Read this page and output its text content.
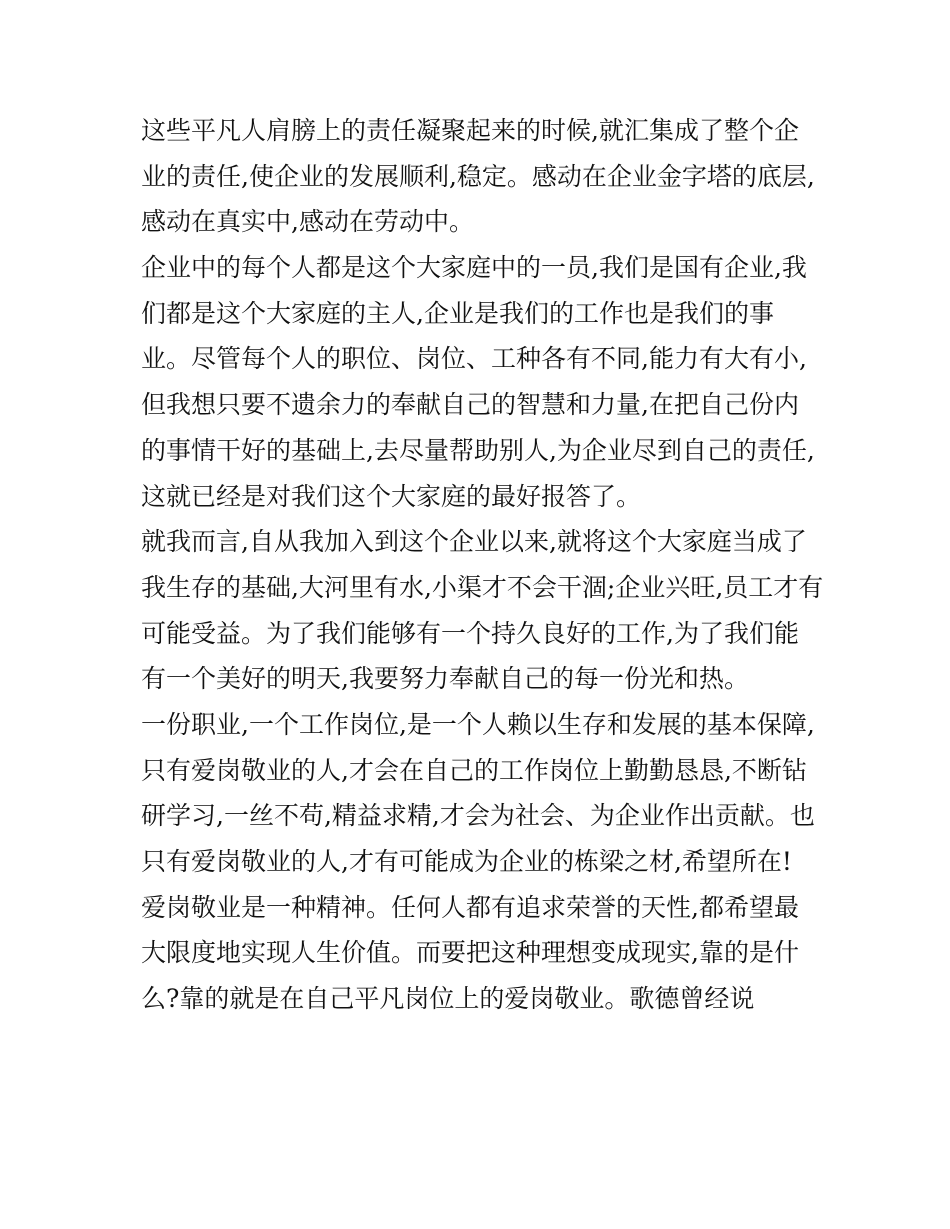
这些平凡人肩膀上的责任凝聚起来的时候,就汇集成了整个企
业的责任,使企业的发展顺利,稳定。感动在企业金字塔的底层,
感动在真实中,感动在劳动中。
企业中的每个人都是这个大家庭中的一员,我们是国有企业,我
们都是这个大家庭的主人,企业是我们的工作也是我们的事
业。尽管每个人的职位、岗位、工种各有不同,能力有大有小,
但我想只要不遗余力的奉献自己的智慧和力量,在把自己份内
的事情干好的基础上,去尽量帮助别人,为企业尽到自己的责任,
这就已经是对我们这个大家庭的最好报答了。
就我而言,自从我加入到这个企业以来,就将这个大家庭当成了
我生存的基础,大河里有水,小渠才不会干涸;企业兴旺,员工才有
可能受益。为了我们能够有一个持久良好的工作,为了我们能
有一个美好的明天,我要努力奉献自己的每一份光和热。
一份职业,一个工作岗位,是一个人赖以生存和发展的基本保障,
只有爱岗敬业的人,才会在自己的工作岗位上勤勤恳恳,不断钻
研学习,一丝不苟,精益求精,才会为社会、为企业作出贡献。也
只有爱岗敬业的人,才有可能成为企业的栋梁之材,希望所在!
爱岗敬业是一种精神。任何人都有追求荣誉的天性,都希望最
大限度地实现人生价值。而要把这种理想变成现实,靠的是什
么?靠的就是在自己平凡岗位上的爱岗敬业。歌德曾经说
